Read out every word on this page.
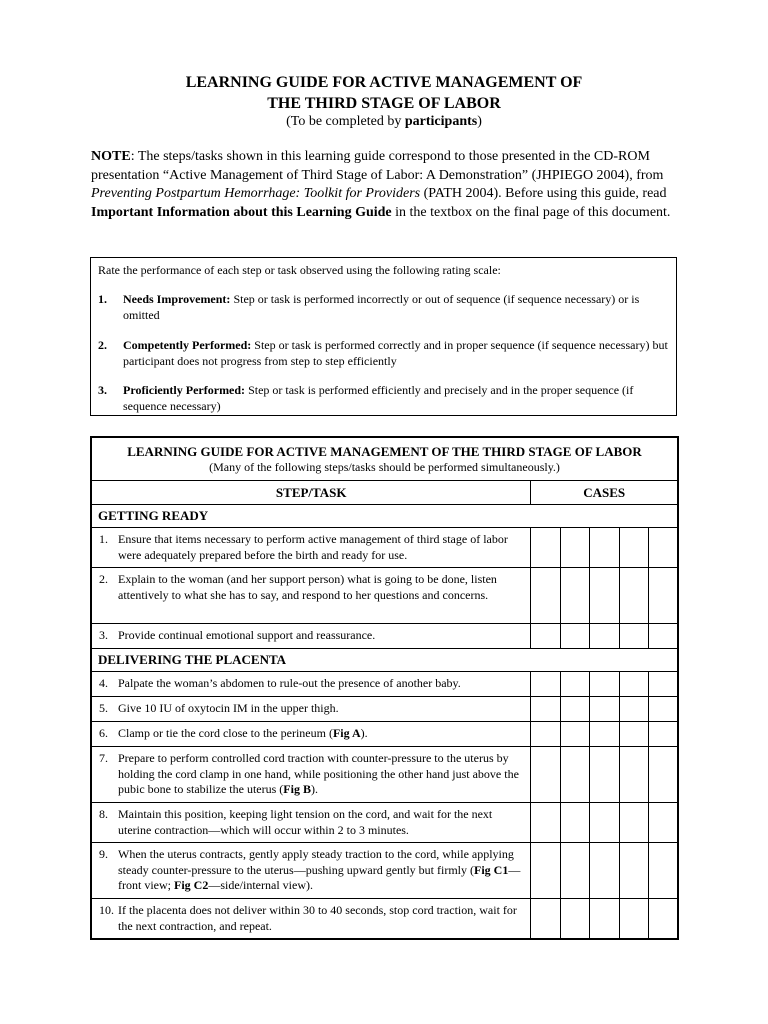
LEARNING GUIDE FOR ACTIVE MANAGEMENT OF
THE THIRD STAGE OF LABOR
(To be completed by participants)
NOTE: The steps/tasks shown in this learning guide correspond to those presented in the CD-ROM presentation “Active Management of Third Stage of Labor: A Demonstration” (JHPIEGO 2004), from Preventing Postpartum Hemorrhage: Toolkit for Providers (PATH 2004). Before using this guide, read Important Information about this Learning Guide in the textbox on the final page of this document.
Rate the performance of each step or task observed using the following rating scale:
1. Needs Improvement: Step or task is performed incorrectly or out of sequence (if sequence necessary) or is omitted
2. Competently Performed: Step or task is performed correctly and in proper sequence (if sequence necessary) but participant does not progress from step to step efficiently
3. Proficiently Performed: Step or task is performed efficiently and precisely and in the proper sequence (if sequence necessary)
LEARNING GUIDE FOR ACTIVE MANAGEMENT OF THE THIRD STAGE OF LABOR
(Many of the following steps/tasks should be performed simultaneously.)					

STEP/TASK	CASES				
GETTING READY					

1. Ensure that items necessary to perform active management of third stage of labor were adequately prepared before the birth and ready for use.					

2. Explain to the woman (and her support person) what is going to be done, listen attentively to what she has to say, and respond to her questions and concerns.					

3. Provide continual emotional support and reassurance.					
DELIVERING THE PLACENTA					

4. Palpate the woman’s abdomen to rule-out the presence of another baby.					

5. Give 10 IU of oxytocin IM in the upper thigh.					

6. Clamp or tie the cord close to the perineum (Fig A).					

7. Prepare to perform controlled cord traction with counter-pressure to the uterus by holding the cord clamp in one hand, while positioning the other hand just above the pubic bone to stabilize the uterus (Fig B).					

8. Maintain this position, keeping light tension on the cord, and wait for the next uterine contraction—which will occur within 2 to 3 minutes.					

9. When the uterus contracts, gently apply steady traction to the cord, while applying steady counter-pressure to the uterus—pushing upward gently but firmly (Fig C1—front view; Fig C2—side/internal view).					

10. If the placenta does not deliver within 30 to 40 seconds, stop cord traction, wait for the next contraction, and repeat.					
